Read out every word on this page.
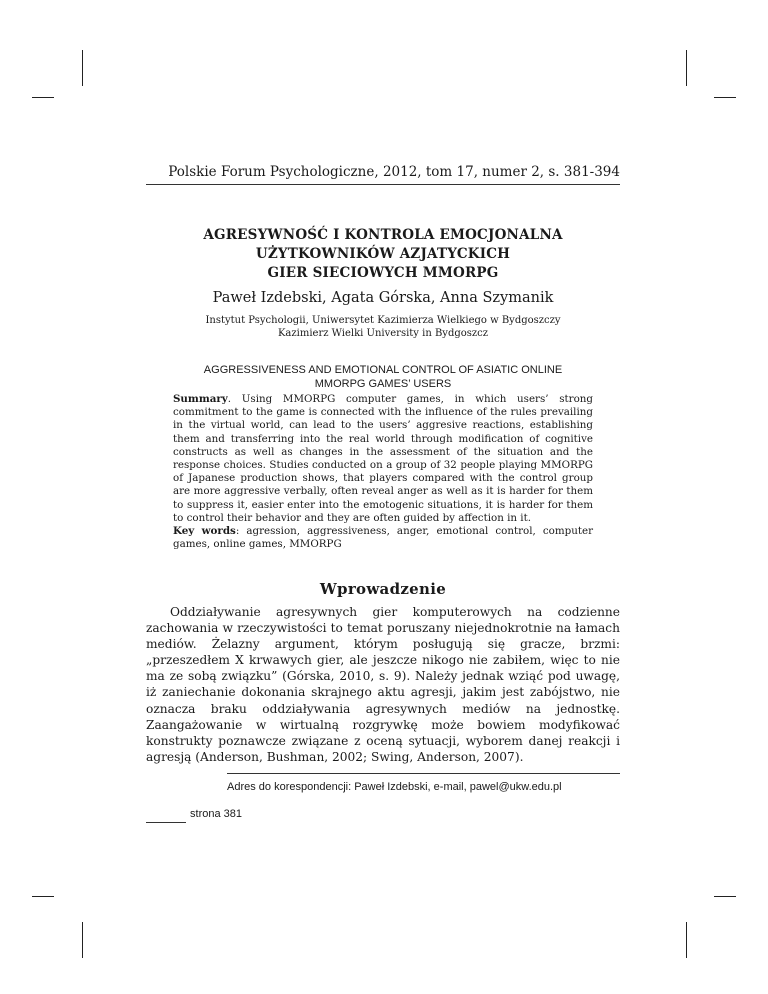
Polskie Forum Psychologiczne, 2012, tom 17, numer 2, s. 381-394
AGRESYWNOŚĆ I KONTROLA EMOCJONALNA
UŻYTKOWNIKÓW AZJATYCKICH
GIER SIECIOWYCH MMORPG
Paweł Izdebski, Agata Górska, Anna Szymanik
Instytut Psychologii, Uniwersytet Kazimierza Wielkiego w Bydgoszczy
Kazimierz Wielki University in Bydgoszcz
AGGRESSIVENESS AND EMOTIONAL CONTROL OF ASIATIC ONLINE
MMORPG GAMES’ USERS
Summary. Using MMORPG computer games, in which users’ strong commitment to the game is connected with the influence of the rules prevailing in the virtual world, can lead to the users’ aggresive reactions, establishing them and transferring into the real world through modification of cognitive constructs as well as changes in the assessment of the situation and the response choices. Studies conducted on a group of 32 people playing MMORPG of Japanese production shows, that players compared with the control group are more aggressive verbally, often reveal anger as well as it is harder for them to suppress it, easier enter into the emotogenic situations, it is harder for them to control their behavior and they are often guided by affection in it.
Key words: agression, aggressiveness, anger, emotional control, computer games, online games, MMORPG
Wprowadzenie
Oddziaływanie agresywnych gier komputerowych na codzienne zachowania w rzeczywistości to temat poruszany niejednokrotnie na łamach mediów. Żelazny argument, którym posługują się gracze, brzmi: „przeszedłem X krwawych gier, ale jeszcze nikogo nie zabiłem, więc to nie ma ze sobą związku” (Górska, 2010, s. 9). Należy jednak wziąć pod uwagę, iż zaniechanie dokonania skrajnego aktu agresji, jakim jest zabójstwo, nie oznacza braku oddziaływania agresywnych mediów na jednostkę. Zaangażowanie w wirtualną rozgrywkę może bowiem modyfikować konstrukty poznawcze związane z oceną sytuacji, wyborem danej reakcji i agresją (Anderson, Bushman, 2002; Swing, Anderson, 2007).
Adres do korespondencji: Paweł Izdebski, e-mail, pawel@ukw.edu.pl
strona 381
